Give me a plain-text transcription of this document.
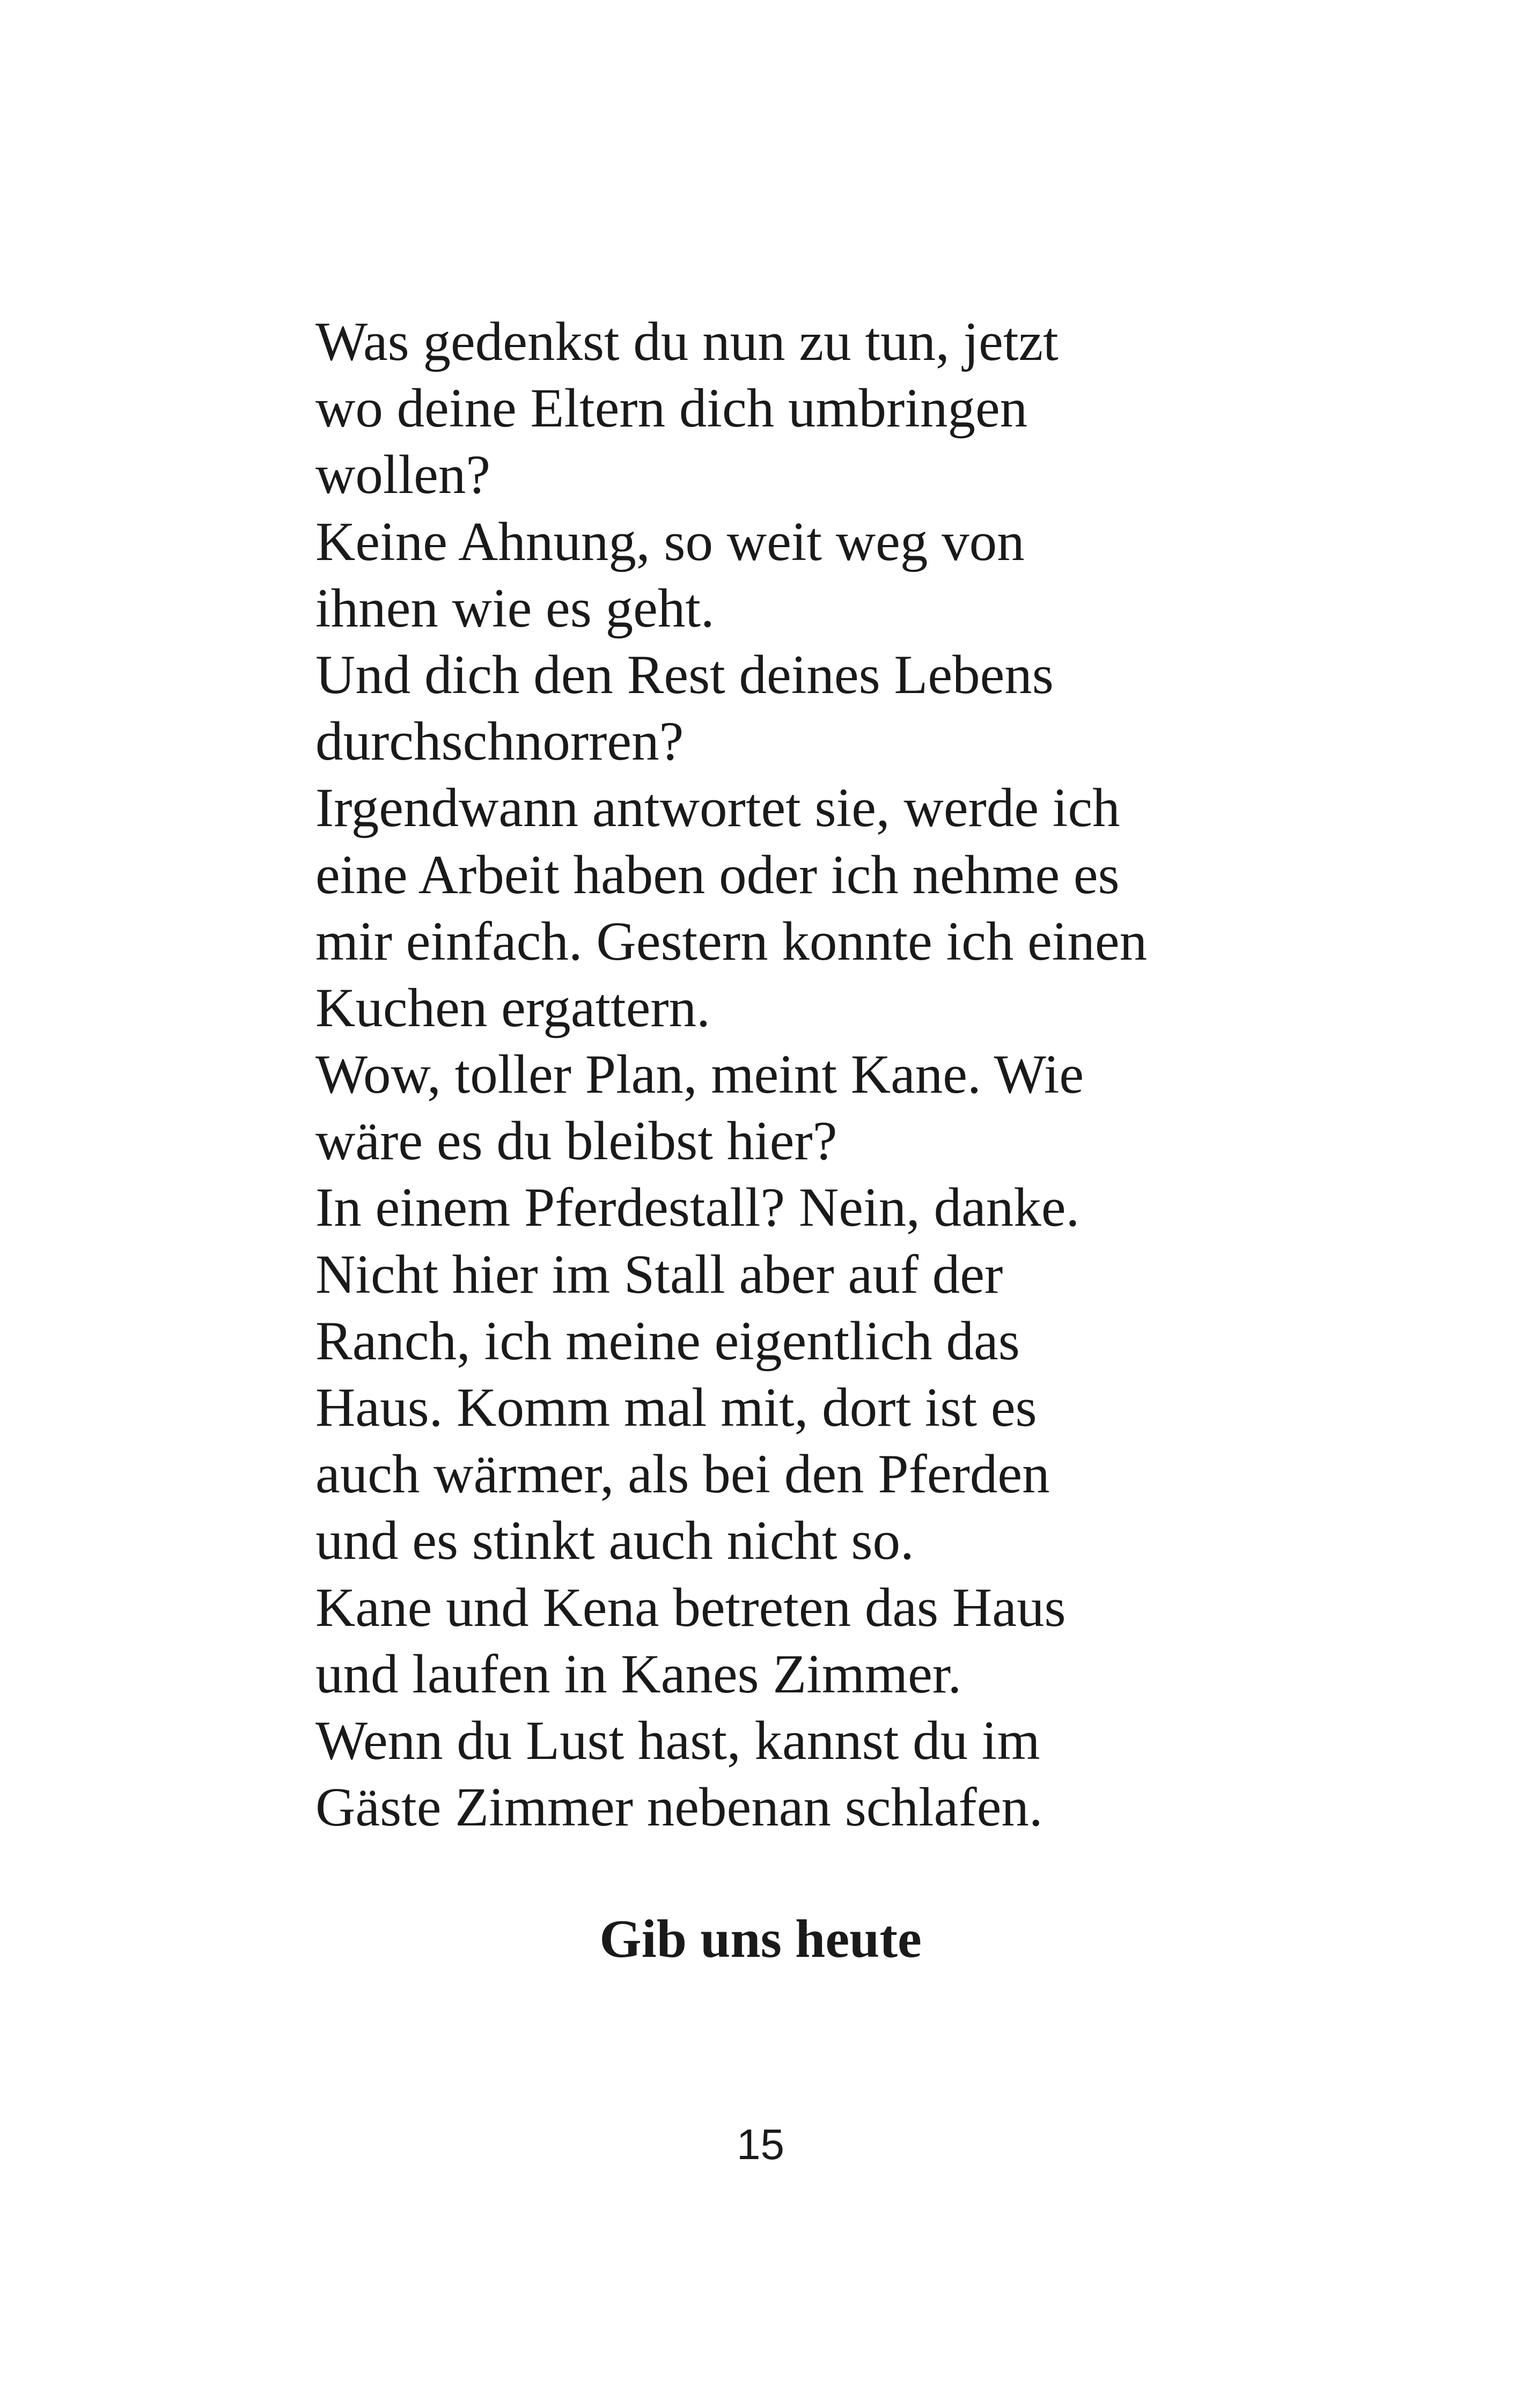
Was gedenkst du nun zu tun, jetzt
wo deine Eltern dich umbringen
wollen?
Keine Ahnung, so weit weg von
ihnen wie es geht.
Und dich den Rest deines Lebens
durchschnorren?
Irgendwann antwortet sie, werde ich
eine Arbeit haben oder ich nehme es
mir einfach. Gestern konnte ich einen
Kuchen ergattern.
Wow, toller Plan, meint Kane. Wie
wäre es du bleibst hier?
In einem Pferdestall? Nein, danke.
Nicht hier im Stall aber auf der
Ranch, ich meine eigentlich das
Haus. Komm mal mit, dort ist es
auch wärmer, als bei den Pferden
und es stinkt auch nicht so.
Kane und Kena betreten das Haus
und laufen in Kanes Zimmer.
Wenn du Lust hast, kannst du im
Gäste Zimmer nebenan schlafen.
Gib uns heute
15
